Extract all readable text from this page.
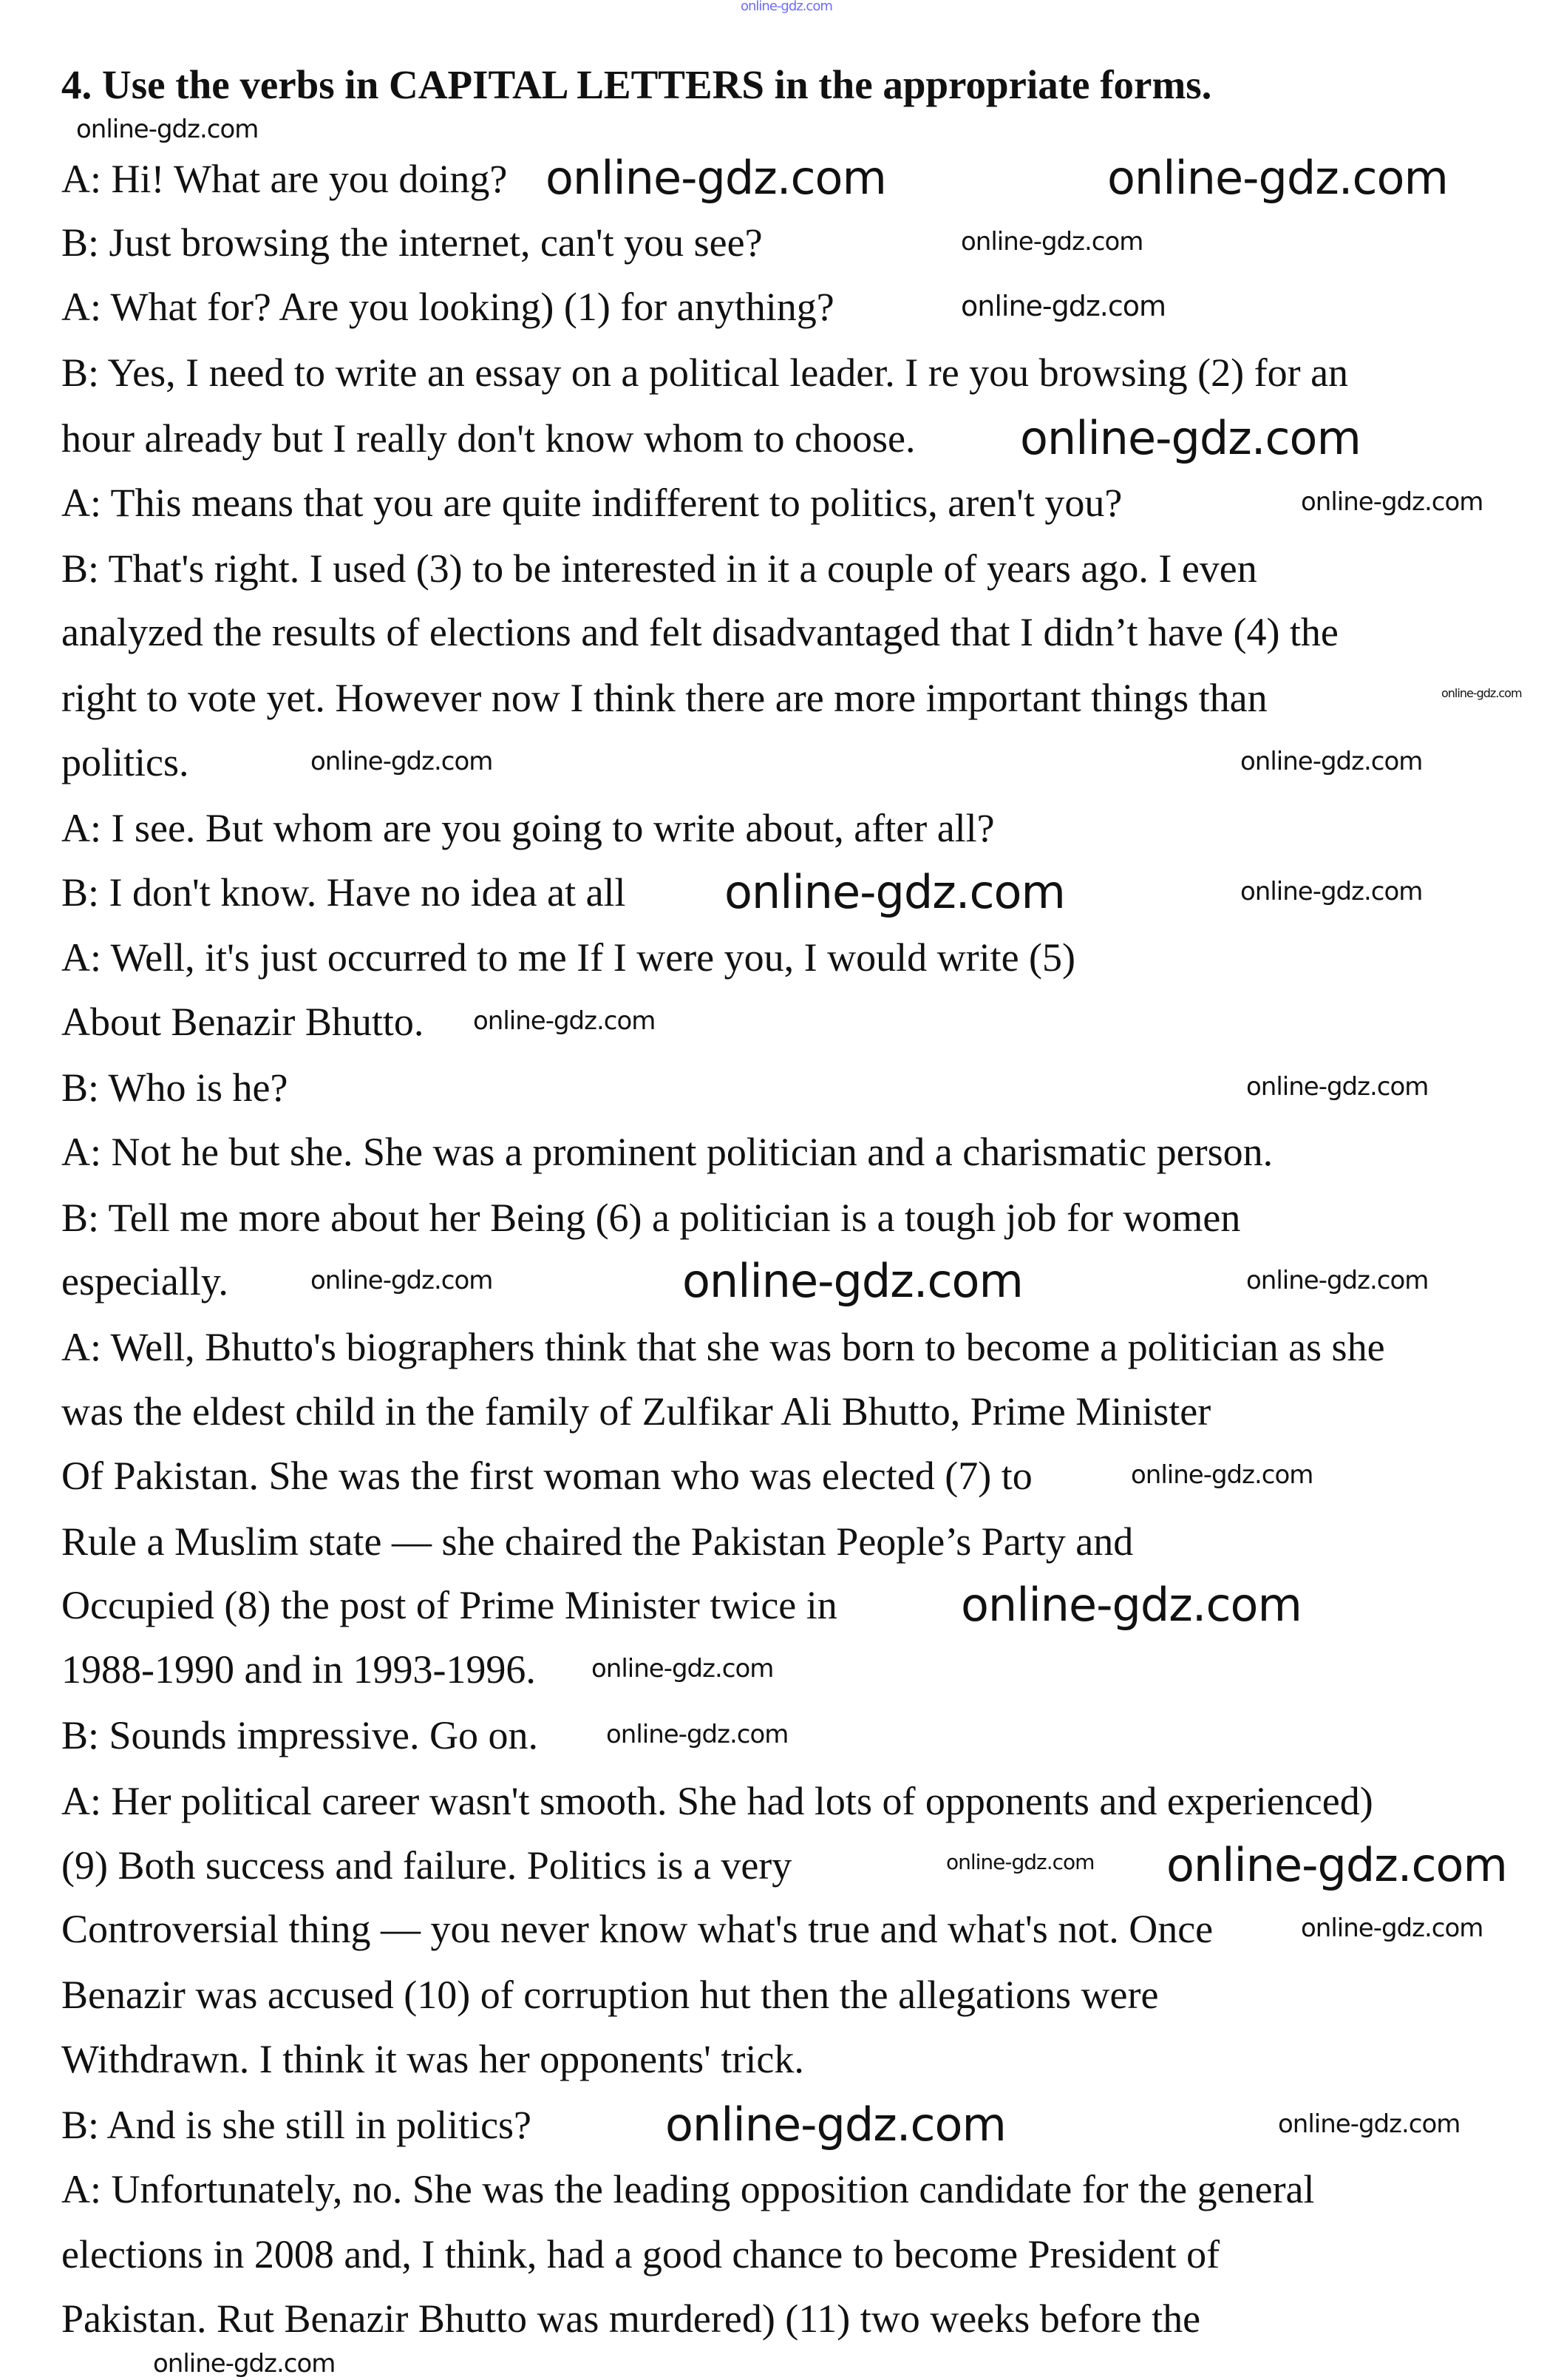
online-gdz.com
4. Use the verbs in CAPITAL LETTERS in the appropriate forms.
A: Hi! What are you doing?
B: Just browsing the internet, can't you see?
A: What for? Are you looking) (1) for anything?
B: Yes, I need to write an essay on a political leader. I re you browsing (2) for an
hour already but I really don't know whom to choose.
A: This means that you are quite indifferent to politics, aren't you?
B: That's right. I used (3) to be interested in it a couple of years ago. I even
analyzed the results of elections and felt disadvantaged that I didn’t have (4) the
right to vote yet. However now I think there are more important things than
politics.
A: I see. But whom are you going to write about, after all?
B: I don't know. Have no idea at all
A: Well, it's just occurred to me If I were you, I would write (5)
About Benazir Bhutto.
B: Who is he?
A: Not he but she. She was a prominent politician and a charismatic person.
B: Tell me more about her Being (6) a politician is a tough job for women
especially.
A: Well, Bhutto's biographers think that she was born to become a politician as she
was the eldest child in the family of Zulfikar Ali Bhutto, Prime Minister
Of Pakistan. She was the first woman who was elected (7) to
Rule a Muslim state — she chaired the Pakistan People’s Party and
Occupied (8) the post of Prime Minister twice in
1988-1990 and in 1993-1996.
B: Sounds impressive. Go on.
A: Her political career wasn't smooth. She had lots of opponents and experienced)
(9) Both success and failure. Politics is a very
Controversial thing — you never know what's true and what's not. Once
Benazir was accused (10) of corruption hut then the allegations were
Withdrawn. I think it was her opponents' trick.
B: And is she still in politics?
A: Unfortunately, no. She was the leading opposition candidate for the general
elections in 2008 and, I think, had a good chance to become President of
Pakistan. Rut Benazir Bhutto was murdered) (11) two weeks before the
online-gdz.com
online-gdz.com
online-gdz.com
online-gdz.com
online-gdz.com
online-gdz.com
online-gdz.com
online-gdz.com
online-gdz.com
online-gdz.com
online-gdz.com	online-gdz.com
online-gdz.com
online-gdz.com
online-gdz.com
online-gdz.com
online-gdz.com
online-gdz.com
online-gdz.com
online-gdz.com	online-gdz.com
online-gdz.com
online-gdz.com
online-gdz.com
online-gdz.com
online-gdz.com
online-gdz.com
